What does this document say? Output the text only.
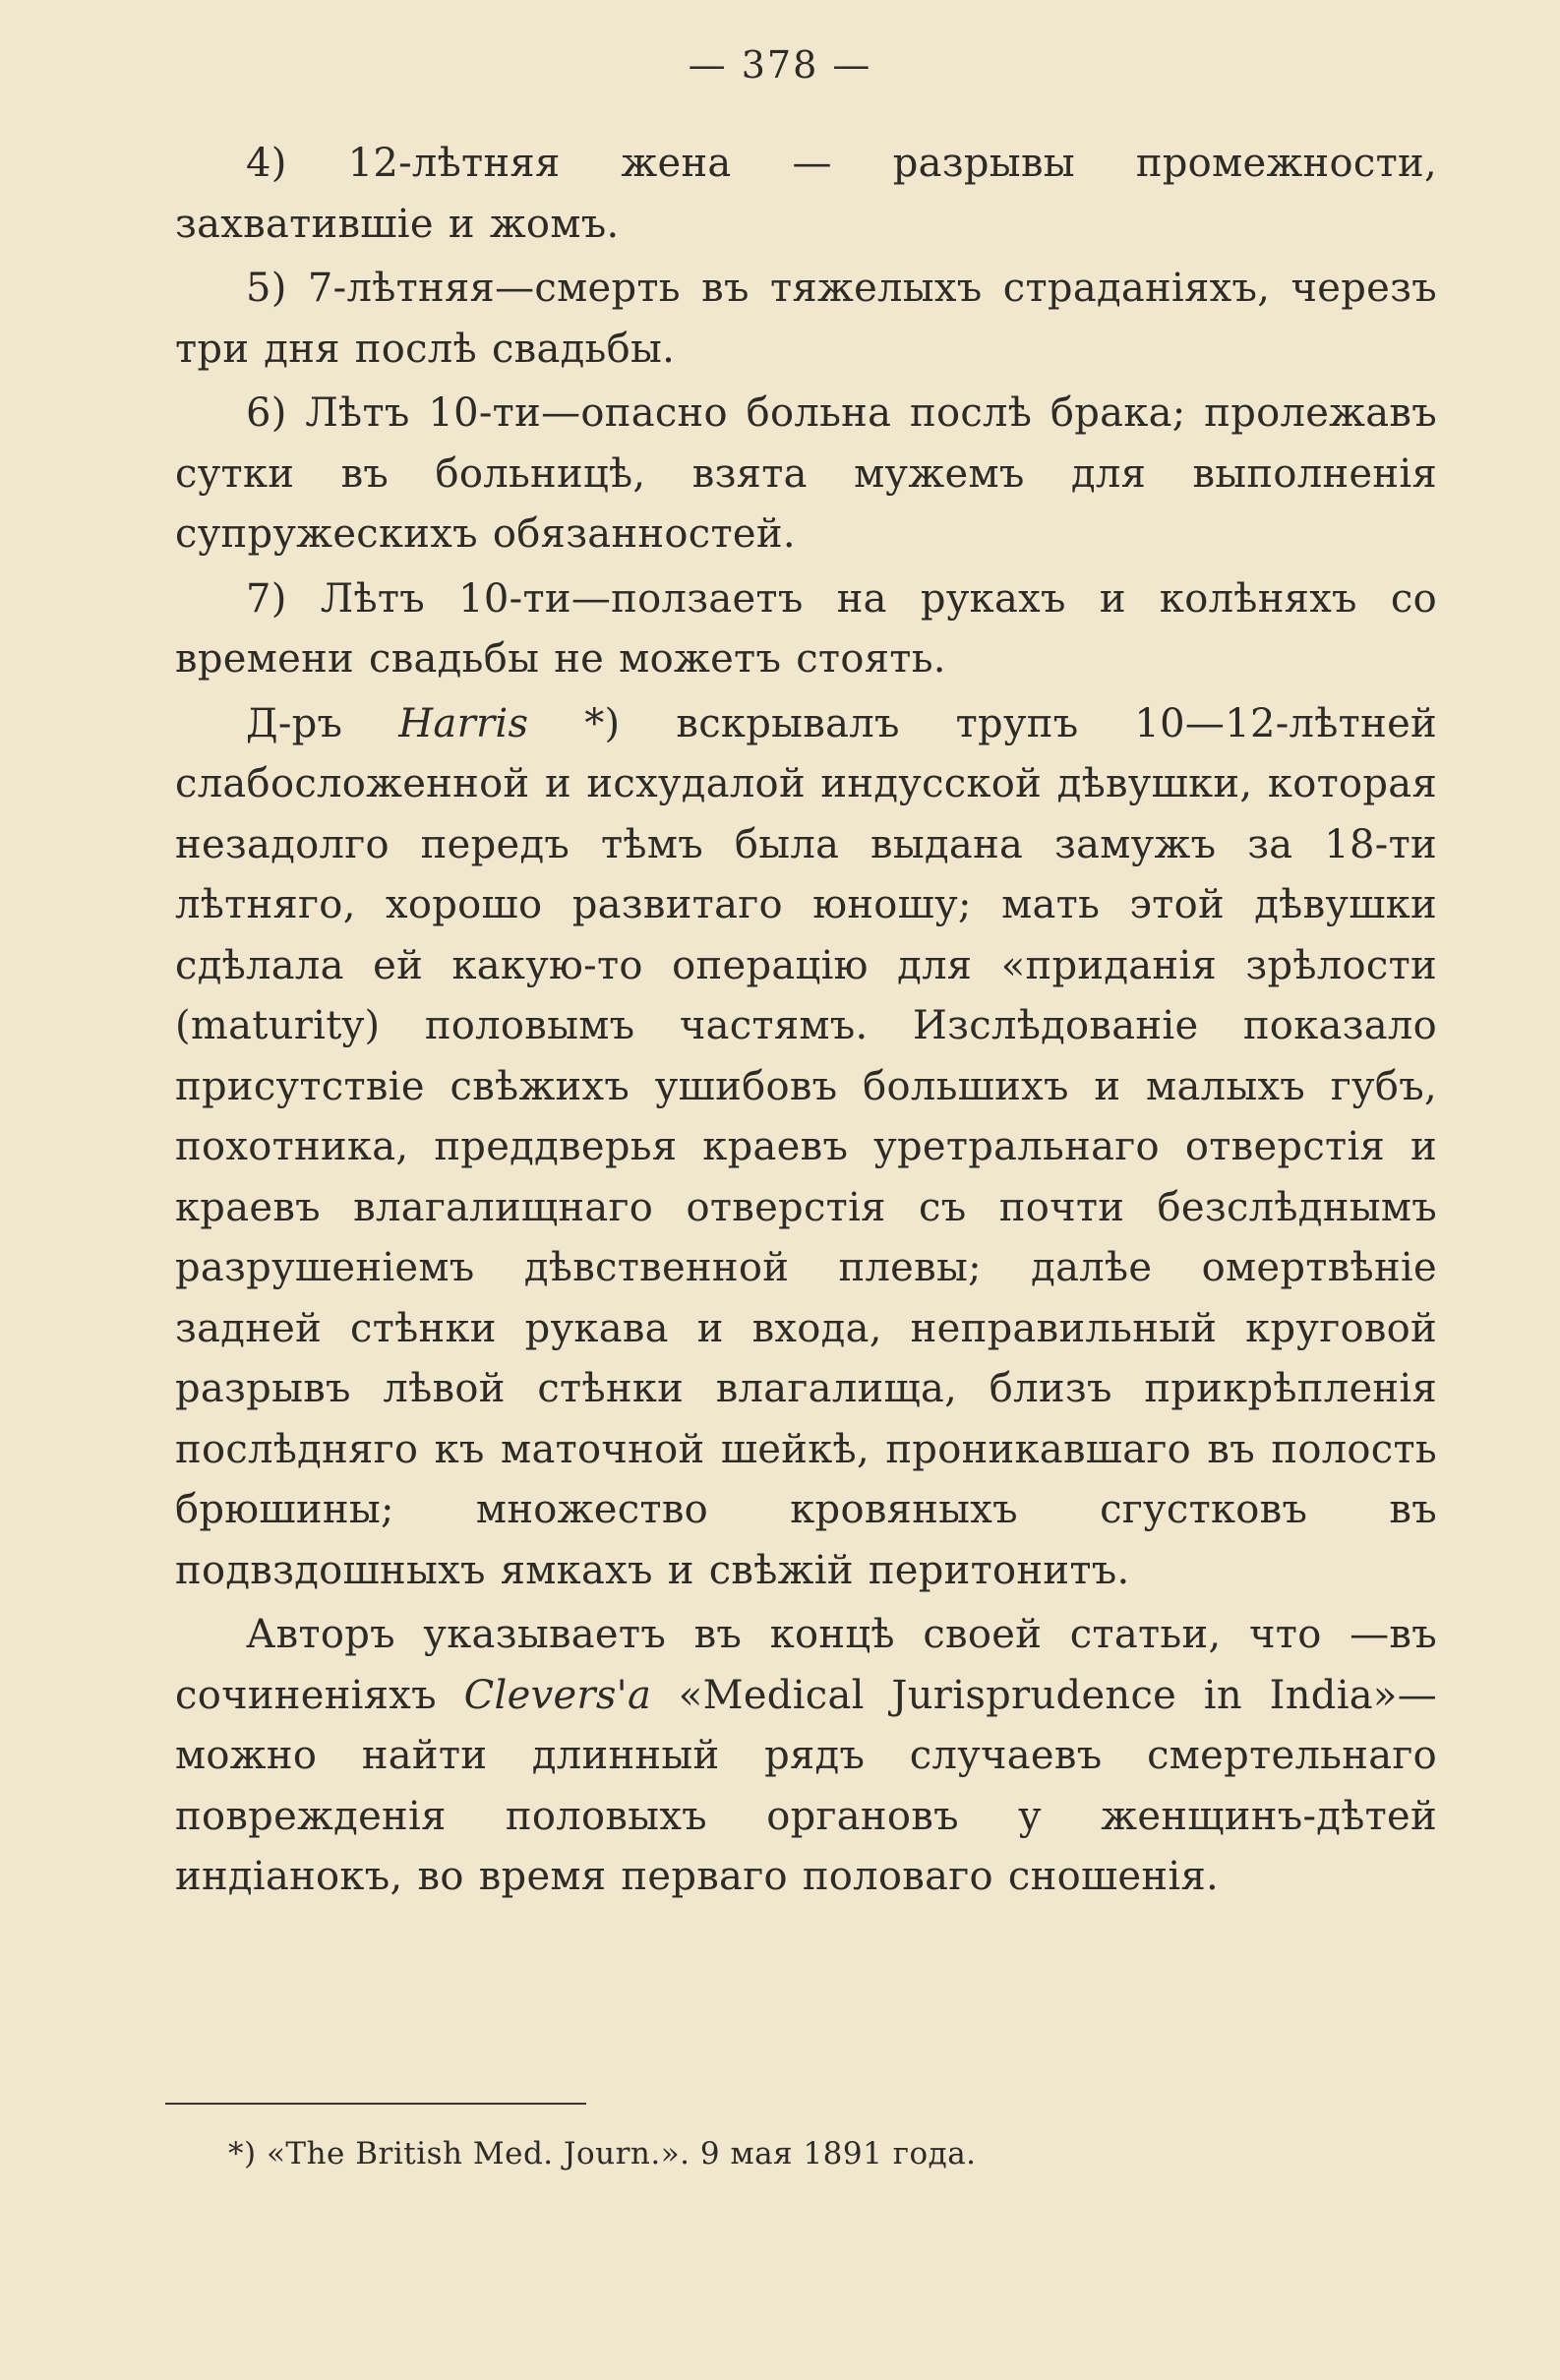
— 378 —

4) 12-лѣтняя жена — разрывы промежности, захватившіе и жомъ.

5) 7-лѣтняя—смерть въ тяжелыхъ страданіяхъ, черезъ три дня послѣ свадьбы.

6) Лѣтъ 10-ти—опасно больна послѣ брака; пролежавъ сутки въ больницѣ, взята мужемъ для выполненія супружескихъ обязанностей.

7) Лѣтъ 10-ти—ползаетъ на рукахъ и колѣняхъ со времени свадьбы не можетъ стоять.

Д-ръ Harris *) вскрывалъ трупъ 10—12-лѣтней слабосложенной и исхудалой индусской дѣвушки, которая незадолго передъ тѣмъ была выдана замужъ за 18-ти лѣтняго, хорошо развитаго юношу; мать этой дѣвушки сдѣлала ей какую-то операцію для «приданія зрѣлости (maturity) половымъ частямъ. Изслѣдованіе показало присутствіе свѣжихъ ушибовъ большихъ и малыхъ губъ, похотника, преддверья краевъ уретральнаго отверстія и краевъ влагалищнаго отверстія съ почти безслѣднымъ разрушеніемъ дѣвственной плевы; далѣе омертвѣніе задней стѣнки рукава и входа, неправильный круговой разрывъ лѣвой стѣнки влагалища, близъ прикрѣпленія послѣдняго къ маточной шейкѣ, проникавшаго въ полость брюшины; множество кровяныхъ сгустковъ въ подвздошныхъ ямкахъ и свѣжій перитонитъ.

Авторъ указываетъ въ концѣ своей статьи, что —въ сочиненіяхъ Clevers'a «Medical Jurisprudence in India»—можно найти длинный рядъ случаевъ смертельнаго поврежденія половыхъ органовъ у женщинъ-дѣтей индіанокъ, во время перваго половаго сношенія.

*) «The British Med. Journ.». 9 мая 1891 года.
